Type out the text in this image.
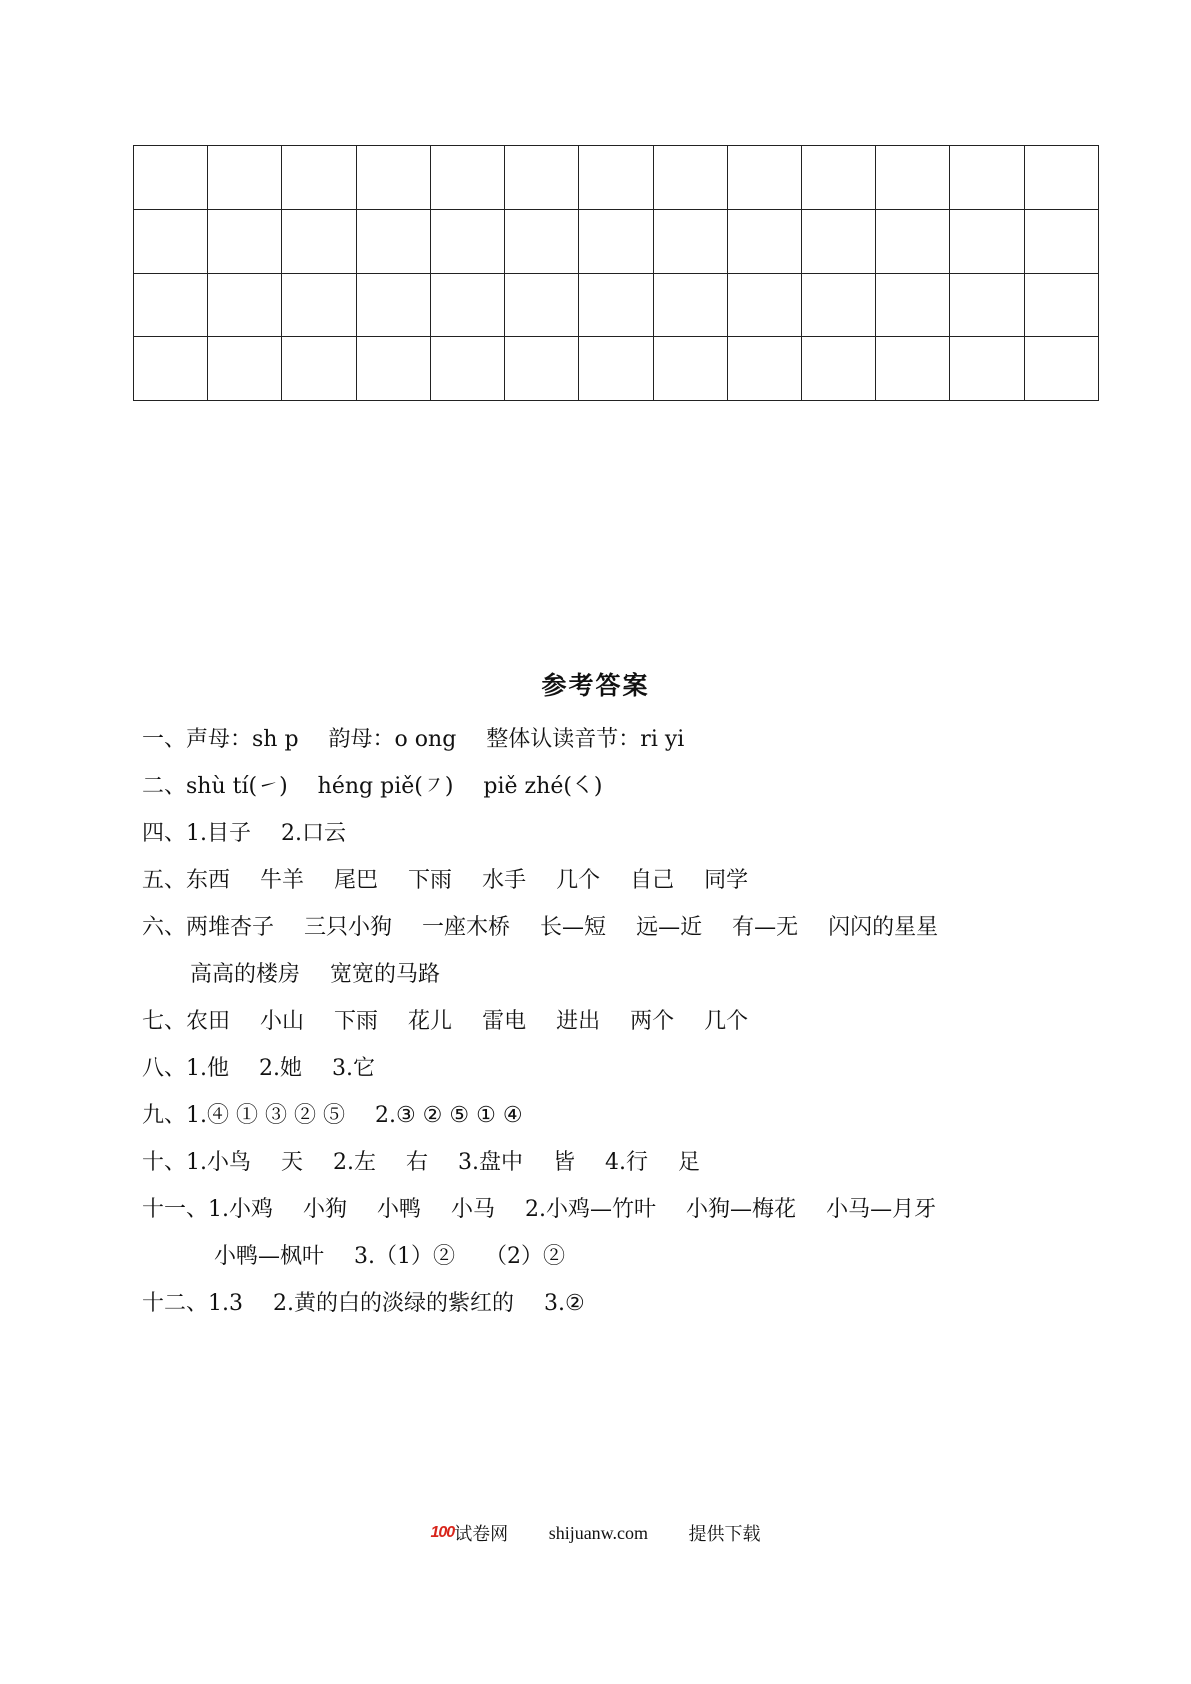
参考答案
一、声母：sh p 韵母：o ong 整体认读音节：ri yi
二、shù tí(㇀) héng piě(㇇) piě zhé(㇛)
四、1.目子 2.口云
五、东西 牛羊 尾巴 下雨 水手 几个 自己 同学
六、两堆杏子 三只小狗 一座木桥 长—短 远—近 有—无 闪闪的星星
高高的楼房 宽宽的马路
七、农田 小山 下雨 花儿 雷电 进出 两个 几个
八、1.他 2.她 3.它
九、1.④ ① ③ ② ⑤ 2.③ ② ⑤ ① ④
十、1.小鸟 天 2.左 右 3.盘中 皆 4.行 足
十一、1.小鸡 小狗 小鸭 小马 2.小鸡—竹叶 小狗—梅花 小马—月牙
小鸭—枫叶 3.（1）② （2）②
十二、1.3 2.黄的白的淡绿的紫红的 3.②
100试卷网 shijuanw.com 提供下载
